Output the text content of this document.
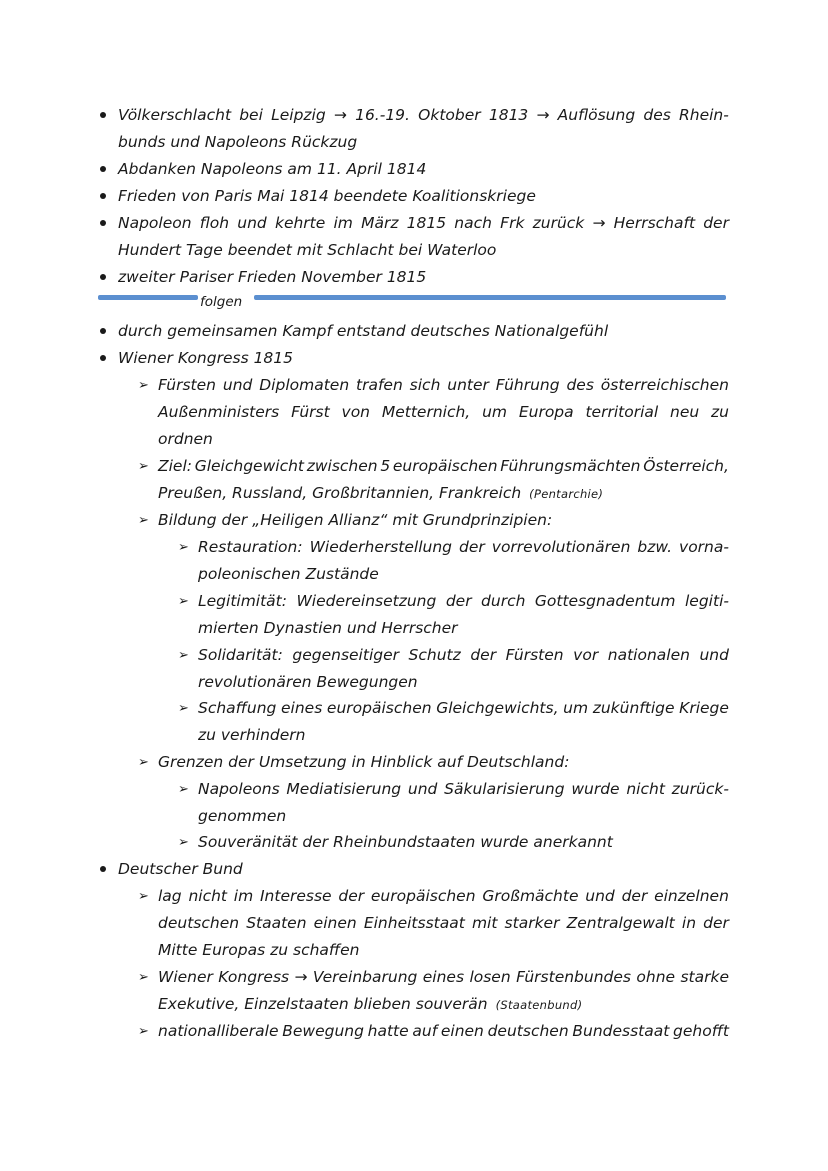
Völkerschlacht bei Leipzig → 16.-19. Oktober 1813 → Auflösung des Rhein-
bunds und Napoleons Rückzug
Abdanken Napoleons am 11. April 1814
Frieden von Paris Mai 1814 beendete Koalitionskriege
Napoleon floh und kehrte im März 1815 nach Frk zurück → Herrschaft der
Hundert Tage beendet mit Schlacht bei Waterloo
zweiter Pariser Frieden November 1815
durch gemeinsamen Kampf entstand deutsches Nationalgefühl
Wiener Kongress 1815
➢ Fürsten und Diplomaten trafen sich unter Führung des österreichischen
Außenministers Fürst von Metternich, um Europa territorial neu zu
ordnen
➢ Ziel: Gleichgewicht zwischen 5 europäischen Führungsmächten Österreich,
Preußen, Russland, Großbritannien, Frankreich (Pentarchie)
➢ Bildung der „Heiligen Allianz“ mit Grundprinzipien:
➢ Restauration: Wiederherstellung der vorrevolutionären bzw. vorna-
poleonischen Zustände
➢ Legitimität: Wiedereinsetzung der durch Gottesgnadentum legiti-
mierten Dynastien und Herrscher
➢ Solidarität: gegenseitiger Schutz der Fürsten vor nationalen und
revolutionären Bewegungen
➢ Schaffung eines europäischen Gleichgewichts, um zukünftige Kriege
zu verhindern
➢ Grenzen der Umsetzung in Hinblick auf Deutschland:
➢ Napoleons Mediatisierung und Säkularisierung wurde nicht zurück-
genommen
➢ Souveränität der Rheinbundstaaten wurde anerkannt
Deutscher Bund
➢ lag nicht im Interesse der europäischen Großmächte und der einzelnen
deutschen Staaten einen Einheitsstaat mit starker Zentralgewalt in der
Mitte Europas zu schaffen
➢ Wiener Kongress → Vereinbarung eines losen Fürstenbundes ohne starke
Exekutive, Einzelstaaten blieben souverän (Staatenbund)
➢ nationalliberale Bewegung hatte auf einen deutschen Bundesstaat gehofft
folgen
